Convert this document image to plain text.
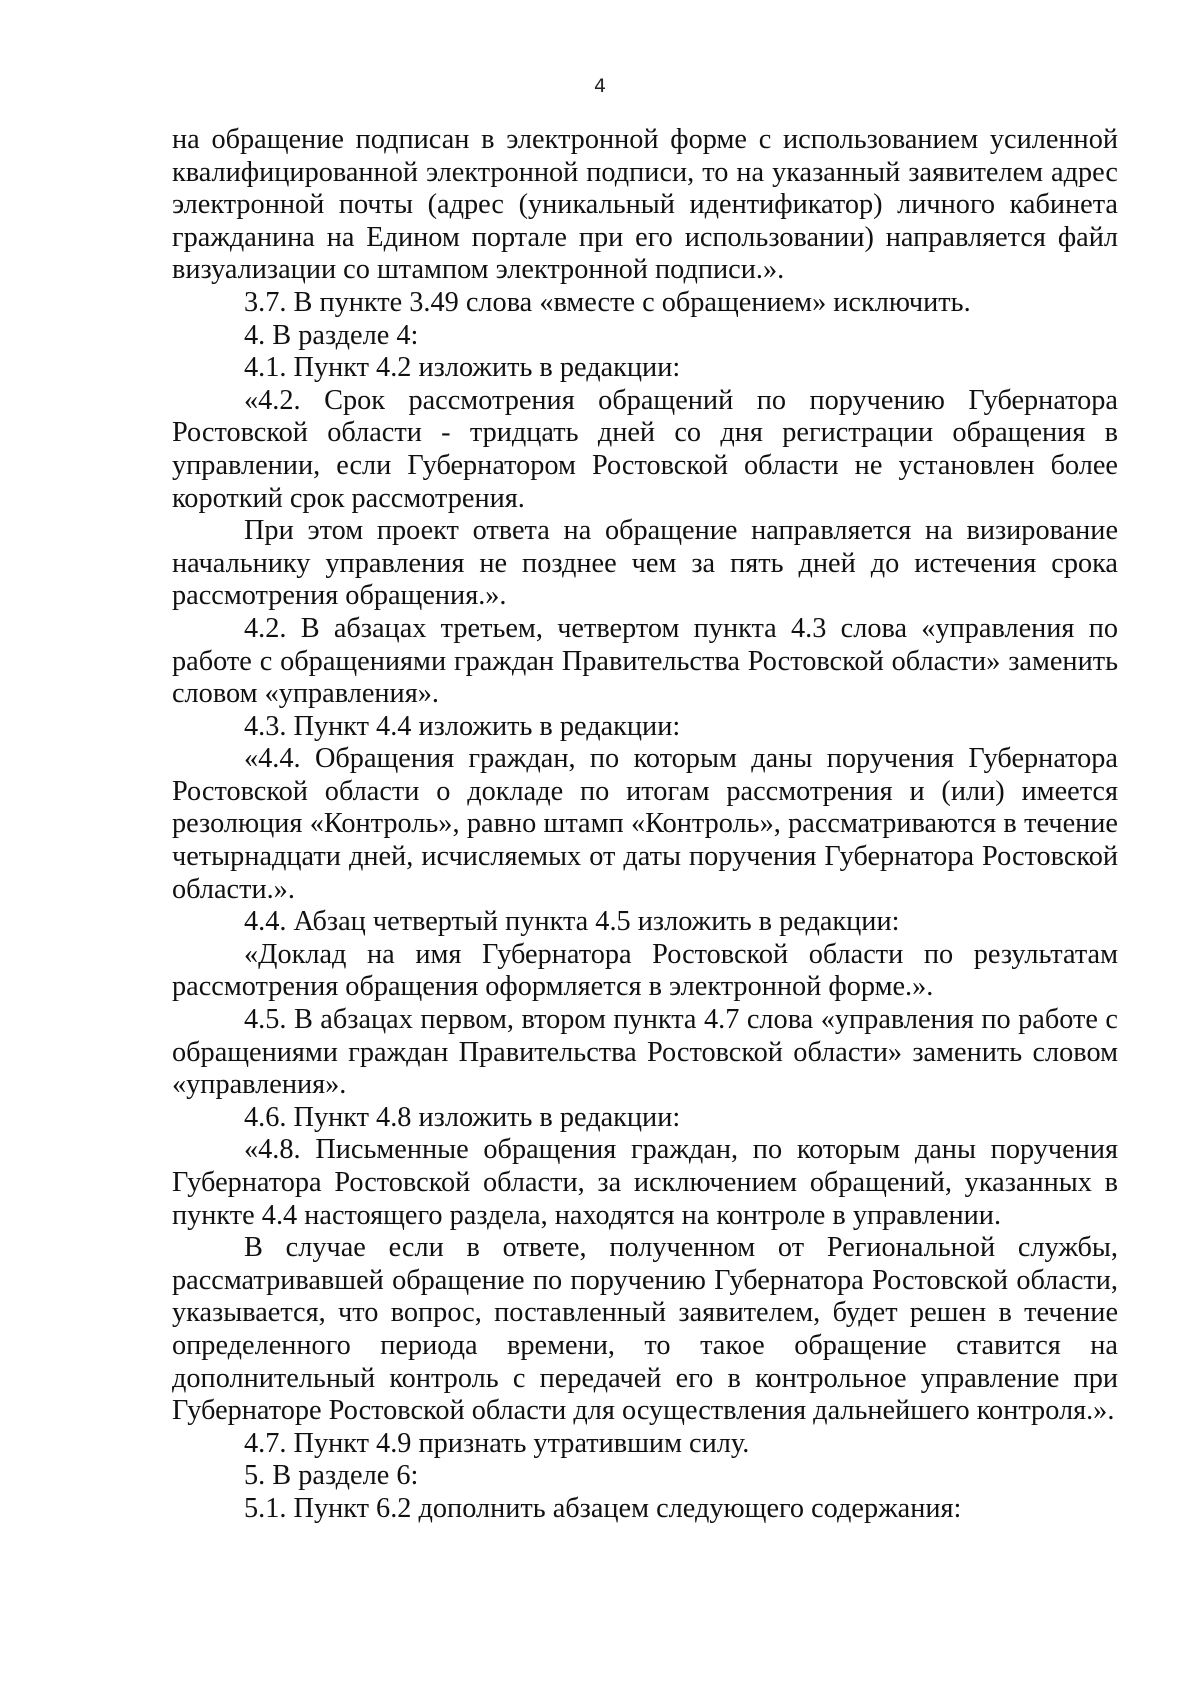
4

на обращение подписан в электронной форме с использованием усиленной квалифицированной электронной подписи, то на указанный заявителем адрес электронной почты (адрес (уникальный идентификатор) личного кабинета гражданина на Едином портале при его использовании) направляется файл визуализации со штампом электронной подписи.».

3.7. В пункте 3.49 слова «вместе с обращением» исключить.

4. В разделе 4:

4.1. Пункт 4.2 изложить в редакции:

«4.2. Срок рассмотрения обращений по поручению Губернатора Ростовской области - тридцать дней со дня регистрации обращения в управлении, если Губернатором Ростовской области не установлен более короткий срок рассмотрения.

При этом проект ответа на обращение направляется на визирование начальнику управления не позднее чем за пять дней до истечения срока рассмотрения обращения.».

4.2. В абзацах третьем, четвертом пункта 4.3 слова «управления по работе с обращениями граждан Правительства Ростовской области» заменить словом «управления».

4.3. Пункт 4.4 изложить в редакции:

«4.4. Обращения граждан, по которым даны поручения Губернатора Ростовской области о докладе по итогам рассмотрения и (или) имеется резолюция «Контроль», равно штамп «Контроль», рассматриваются в течение четырнадцати дней, исчисляемых от даты поручения Губернатора Ростовской области.».

4.4. Абзац четвертый пункта 4.5 изложить в редакции:

«Доклад на имя Губернатора Ростовской области по результатам рассмотрения обращения оформляется в электронной форме.».

4.5. В абзацах первом, втором пункта 4.7 слова «управления по работе с обращениями граждан Правительства Ростовской области» заменить словом «управления».

4.6. Пункт 4.8 изложить в редакции:

«4.8. Письменные обращения граждан, по которым даны поручения Губернатора Ростовской области, за исключением обращений, указанных в пункте 4.4 настоящего раздела, находятся на контроле в управлении.

В случае если в ответе, полученном от Региональной службы, рассматривавшей обращение по поручению Губернатора Ростовской области, указывается, что вопрос, поставленный заявителем, будет решен в течение определенного периода времени, то такое обращение ставится на дополнительный контроль с передачей его в контрольное управление при Губернаторе Ростовской области для осуществления дальнейшего контроля.».

4.7. Пункт 4.9 признать утратившим силу.

5. В разделе 6:

5.1. Пункт 6.2 дополнить абзацем следующего содержания:
